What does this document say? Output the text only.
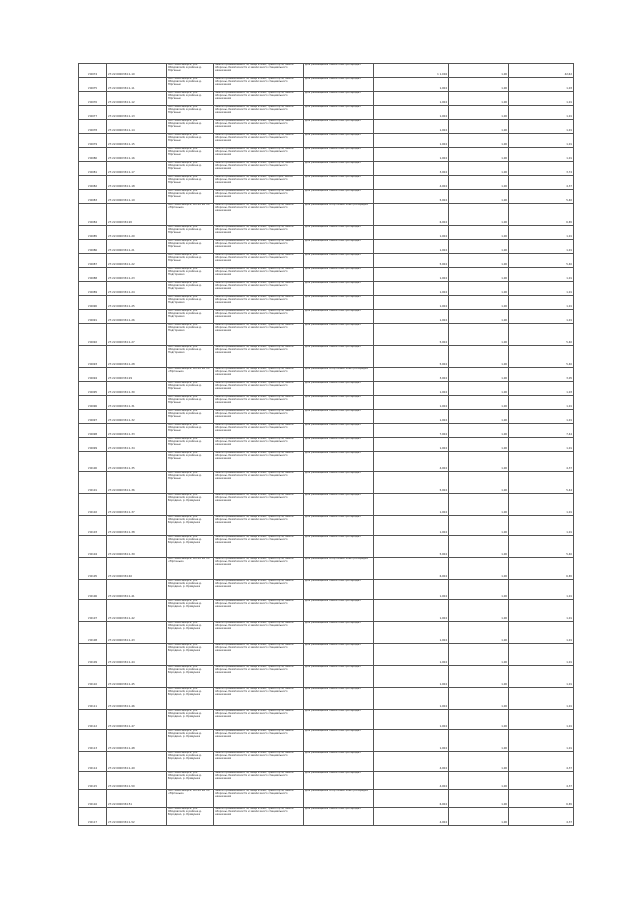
VI2074	27:22:0000334:1-10	обл Новосибирск, р-н Ободовский, в районе д. Юргенью	Земли промышленности, энергетики, транспорта, земли обороны, безопасности и земли иного специального назначения	Для размещения линий электропередач	1 1,004	1,00	42,62
VI2075	27:22:0000334:1-11	обл Новосибирск, р-н Ободовский, в районе д. Юргенью	Земли промышленности, энергетики, транспорта, земли обороны, безопасности и земли иного специального назначения	Для размещения линий электропередач	1,004	1,00	1,03
VI2076	27:22:0000334:1-12	обл Новосибирск, р-н Ободовский, в районе д. Юргенью	Земли промышленности, энергетики, транспорта, земли обороны, безопасности и земли иного специального назначения	Для размещения линий электропередач	1,004	1,00	1,01
VI2077	27:22:0000334:1-13	обл Новосибирск, р-н Ободовский, в районе д. Юргенью	Земли промышленности, энергетики, транспорта, земли обороны, безопасности и земли иного специального назначения	Для размещения линий электропередач	1,004	1,00	1,01
VI2078	27:22:0000334:1-14	обл Новосибирск, р-н Ободовский, в районе д. Юргенью	Земли промышленности, энергетики, транспорта, земли обороны, безопасности и земли иного специального назначения	Для размещения линий электропередач	1,004	1,00	1,01
VI2079	27:22:0000334:1-15	обл Новосибирск, р-н Ободовский, в районе д. Юргенью	Земли промышленности, энергетики, транспорта, земли обороны, безопасности и земли иного специального назначения	Для размещения линий электропередач	1,004	1,00	1,01
VI2080	27:22:0000334:1-16	обл Новосибирск, р-н Ободовский, в районе д. Юргенью	Земли промышленности, энергетики, транспорта, земли обороны, безопасности и земли иного специального назначения	Для размещения линий электропередач	1,004	1,00	1,01
VI2081	27:22:0000334:1-17	обл Новосибирск, р-н Ободовский, в районе д. Юргенью	Земли промышленности, энергетики, транспорта, земли обороны, безопасности и земли иного специального назначения	Для размещения линий электропередач	3,004	1,00	3,74
VI2082	27:22:0000334:1-18	обл Новосибирск, р-н Ободовский, в районе д. Юргенью	Земли промышленности, энергетики, транспорta, земли обороны, безопасности и земли иного специального назначения	Для размещения линий электропередач	4,004	1,00	4,37
VI2083	27:22:0000334:1-19	обл Новосибирск, р-н Ободовский, в районе д. Юргенью	Земли промышленности, энергетики, транспорта, земли обороны, безопасности и земли иного специального назначения	Для размещения линий электропередач	5,004	1,00	5,40
VI2084	27:22:0000334:20	обл Новосибирск, ВЛ-10 кВ ПС «Юргенью»	Земли промышленности, энергетики, транспорта, земли обороны, безопасности и земли иного специального назначения	Для размещения опор линии электропередач	6,004	1,00	6,65
VI2085	27:22:0000334:1-20	обл Новосибирск, р-н Ободовский, в районе д. Юргенью	Земли промышленности, энергетики, транспорта, земли обороны, безопасности и земли иного специального назначения	Для размещения линий электропередач	1,004	1,00	1,01
VI2086	27:22:0000334:1-21	обл Новосибирск, р-н Ободовский, в районе д. Юргенью	Земли промышленности, энергетики, транспорта, земли обороны, безопасности и земли иного специального назначения	Для размещения линий электропередач	1,004	1,00	1,01
VI2087	27:22:0000334:1-22	обл Новосибирск, р-н Ободовский, в районе д. Юргенью	Земли промышленности, энергетики, транспорта, земли обороны, безопасности и земли иного специального назначения	Для размещения линий электропередач	5,004	1,00	5,40
VI2088	27:22:0000334:1-23	обл Новосибирск, р-н Ободовский, в районе д. Подгорнино	Земли промышленности, энергетики, транспорта, земли обороны, безопасности и земли иного специального назначения	Для размещения линий электропередач	1,004	1,00	1,01
VI2089	27:22:0000334:1-24	обл Новосибирск, р-н Ободовский, в районе д. Подгорнино	Земли промышленности, энергетики, транспорта, земли обороны, безопасности и земли иного специального назначения	Для размещения линий электропередач	1,004	1,00	1,01
VI2090	27:22:0000334:1-25	обл Новосибирск, р-н Ободовский, в районе д. Подгорнино	Земли промышленности, энергетики, транспорта, земли обороны, безопасности и земли иного специального назначения	Для размещения линий электропередач	1,004	1,00	1,01
VI2091	27:22:0000334:1-26	обл Новосибирск, р-н Ободовский, в районе д. Подгорнино	Земли промышленности, энергетики, транспорта, земли обороны, безопасности и земли иного специального назначения	Для размещения линий электропередач	1,004	1,00	1,01
VI2092	27:22:0000334:1-27	обл Новосибирск, р-н Ободовский, в районе д. Подгорнино	Земли промышленности, энергетики, транспорта, земли обороны, безопасности и земли иного специального назначения	Для размещения линий электропередач	5,004	1,00	5,40
VI2093	27:22:0000334:1-28	обл Новосибирск, р-н Ободовский, в районе д. Подгорнино	Земли промышленности, энергетики, транспорта, земли обороны, безопасности и земли иного специального назначения	Для размещения линий электропередач	5,004	1,00	5,40
VI2094	27:22:0000334:29	обл Новосибирск, ВЛ-10 кВ ПС «Юргенью»	Земли промышленности, энергетики, транспорта, земли обороны, безопасности и земли иного специального назначения	Для размещения опор линии электропередач	3,004	1,00	3,05
VI2095	27:22:0000334:1-30	обл Новосибирск, р-н Ободовский, в районе д. Юргенью	Земли промышленности, энергетики, транспорта, земли обороны, безопасности и земли иного специального назначения	Для размещения линий электропередач	1,004	1,00	1,03
VI2096	27:22:0000334:1-31	обл Новосибирск, р-н Ободовский, в районе д. Юргенью	Земли промышленности, энергетики, транспорта, земли обороны, безопасности и земли иного специального назначения	Для размещения линий электропередач	1,004	1,00	1,01
VI2097	27:22:0000334:1-32	обл Новосибирск, р-н Ободовский, в районе д. Юргенью	Земли промышленности, энергетики, транспорта, земли обороны, безопасности и земли иного специального назначения	Для размещения линий электропередач	1,004	1,00	1,01
VI2098	27:22:0000334:1-33	обл Новосибирск, р-н Ободовский, в районе д. Юргенью	Земли промышленности, энергетики, транспорта, земли обороны, безопасности и земли иного специального назначения	Для размещения линий электропередач	7,004	1,00	7,44
VI2099	27:22:0000334:1-34	обл Новосибирск, р-н Ободовский, в районе д. Юргенью	Земли промышленности, энергетики, транспорта, земли обороны, безопасности и земли иного специального назначения	Для размещения линий электропередач	1,004	1,00	1,01
VI2100	27:22:0000334:1-35	обл Новосибирск, р-н Ободовский, в районе д. Юргенью	Земли промышленности, энергетики, транспорта, земли обороны, безопасности и земли иного специального назначения	Для размещения линий электропередач	4,004	1,00	4,37
VI2101	27:22:0000334:1-36	обл Новосибирск, р-н Ободовский, в районе д. Юргенью	Земли промышленности, энергетики, транспорта, земли обороны, безопасности и земли иного специального назначения	Для размещения линий электропередач	5,004	1,00	5,44
VI2102	27:22:0000334:1-37	обл Новосибирск, р-н Ободовский, в районе д. Бородино, р. Кривушка	Земли промышленности, энергетики, транспорта, земли обороны, безопасности и земли иного специального назначения	Для размещения линий электропередач	1,004	1,00	1,01
VI2103	27:22:0000334:1-38	обл Новосибирск, р-н Ободовский, в районе д. Бородино, р. Кривушка	Земли промышленности, энергетики, транспорта, земли обороны, безопасности и земли иного специального назначения	Для размещения линий электропередач	1,004	1,00	1,01
VI2104	27:22:0000334:1-39	обл Новосибирск, р-н Ободовский, в районе д. Бородино, р. Кривушка	Земли промышленности, энергетики, транспорта, земли обороны, безопасности и земли иного специального назначения	Для размещения линий электропередач	5,004	1,00	5,40
VI2105	27:22:0000334:40	обл Новосибирск, ВЛ-10 кВ ПС «Юргенью»	Земли промышленности, энергетики, транспорта, земли обороны, безопасности и земли иного специального назначения	Для размещения опор линии электропередач	6,004	1,00	6,65
VI2106	27:22:0000334:1-41	обл Новосибирск, р-н Ободовский, в районе д. Бородино, р. Кривушка	Земли промышленности, энергетики, транспорта, земли обороны, безопасности и земли иного специального назначения	Для размещения линий электропередач	1,004	1,00	1,01
VI2107	27:22:0000334:1-42	обл Новосибирск, р-н Ободовский, в районе д. Бородино, р. Кривушка	Земли промышленности, энергетики, транспорта, земли обороны, безопасности и земли иного специального назначения	Для размещения линий электропередач	1,004	1,00	1,01
VI2108	27:22:0000334:1-43	обл Новосибирск, р-н Ободовский, в районе д. Бородино, р. Кривушка	Земли промышленности, энергетики, транспорта, земли обороны, безопасности и земли иного специального назначения	Для размещения линий электропередач	1,004	1,00	1,01
VI2109	27:22:0000334:1-44	обл Новосибирск, р-н Ободовский, в районе д. Бородино, р. Кривушка	Земли промышленности, энергетики, транспорта, земли обороны, безопасности и земли иного специального назначения	Для размещения линий электропередач	1,004	1,00	1,01
VI2110	27:22:0000334:1-45	обл Новосибирск, р-н Ободовский, в районе д. Бородино, р. Кривушка	Земли промышленности, энергетики, транспорта, земли обороны, безопасности и земли иного специального назначения	Для размещения линий электропередач	1,004	1,00	1,01
VI2111	27:22:0000334:1-46	обл Новосибирск, р-н Ободовский, в районе д. Бородино, р. Кривушка	Земли промышленности, энергетики, транспорта, земли обороны, безопасности и земли иного специального назначения	Для размещения линий электропередач	1,004	1,00	1,01
VI2112	27:22:0000334:1-47	обл Новосибирск, р-н Ободовский, в районе д. Бородино, р. Кривушка	Земли промышленности, энергетики, транспорта, земли обороны, безопасности и земли иного специального назначения	Для размещения линий электропередач	1,004	1,00	1,01
VI2113	27:22:0000334:1-48	обл Новосибирск, р-н Ободовский, в районе д. Бородино, р. Кривушка	Земли промышленности, энергетики, транспорта, земли обороны, безопасности и земли иного специального назначения	Для размещения линий электропередач	1,004	1,00	1,01
VI2114	27:22:0000334:1-49	обл Новосибирск, р-н Ободовский, в районе д. Бородино, р. Кривушка	Земли промышленности, энергетики, транспорта, земли обороны, безопасности и земли иного специального назначения	Для размещения линий электропередач	4,004	1,00	4,37
VI2115	27:22:0000334:1-50	обл Новосибирск, р-н Ободовский, в районе д. Бородино, р. Кривушка	Земли промышленности, энергетики, транспорта, земли обороны, безопасности и земли иного специального назначения	Для размещения линий электропередач	4,004	1,00	4,37
VI2116	27:22:0000334:51	обл Новосибирск, ВЛ-10 кВ ПС «Юргенью»	Земли промышленности, энергетики, транспорта, земли обороны, безопасности и земли иного специального назначения	Для размещения опор линии электропередач	6,004	1,00	6,65
VI2117	27:22:0000334:1-52	обл Новосибирск, р-н Ободовский, в районе д. Бородино, р. Кривушка	Земли промышленности, энергетики, транспорта, земли обороны, безопасности и земли иного специального назначения	Для размещения линий электропередач	4,004	1,00	4,37
